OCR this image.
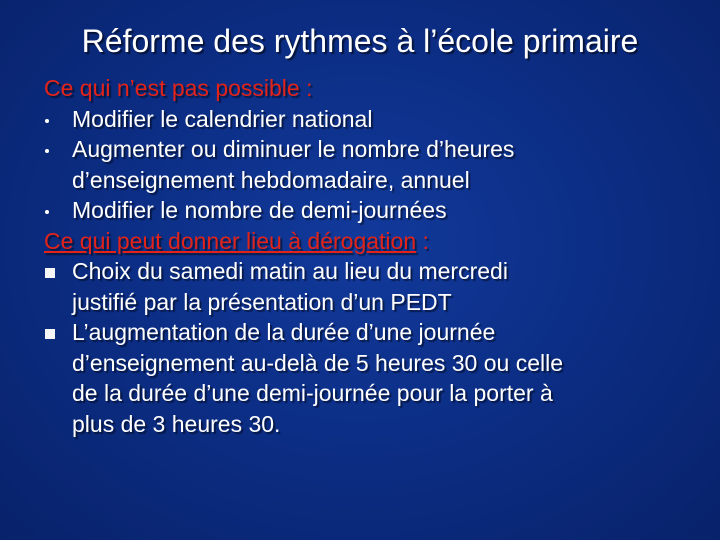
Réforme des rythmes à l’école primaire

Ce qui n’est pas possible :

Modifier le calendrier national
Augmenter ou diminuer le nombre d’heures
d’enseignement hebdomadaire, annuel
Modifier le nombre de demi-journées

Ce qui peut donner lieu à dérogation :

Choix du samedi matin au lieu du mercredi
justifié par la présentation d’un PEDT
L’augmentation de la durée d’une journée
d’enseignement au-delà de 5 heures 30 ou celle
de la durée d’une demi-journée pour la porter à
plus de 3 heures 30.
